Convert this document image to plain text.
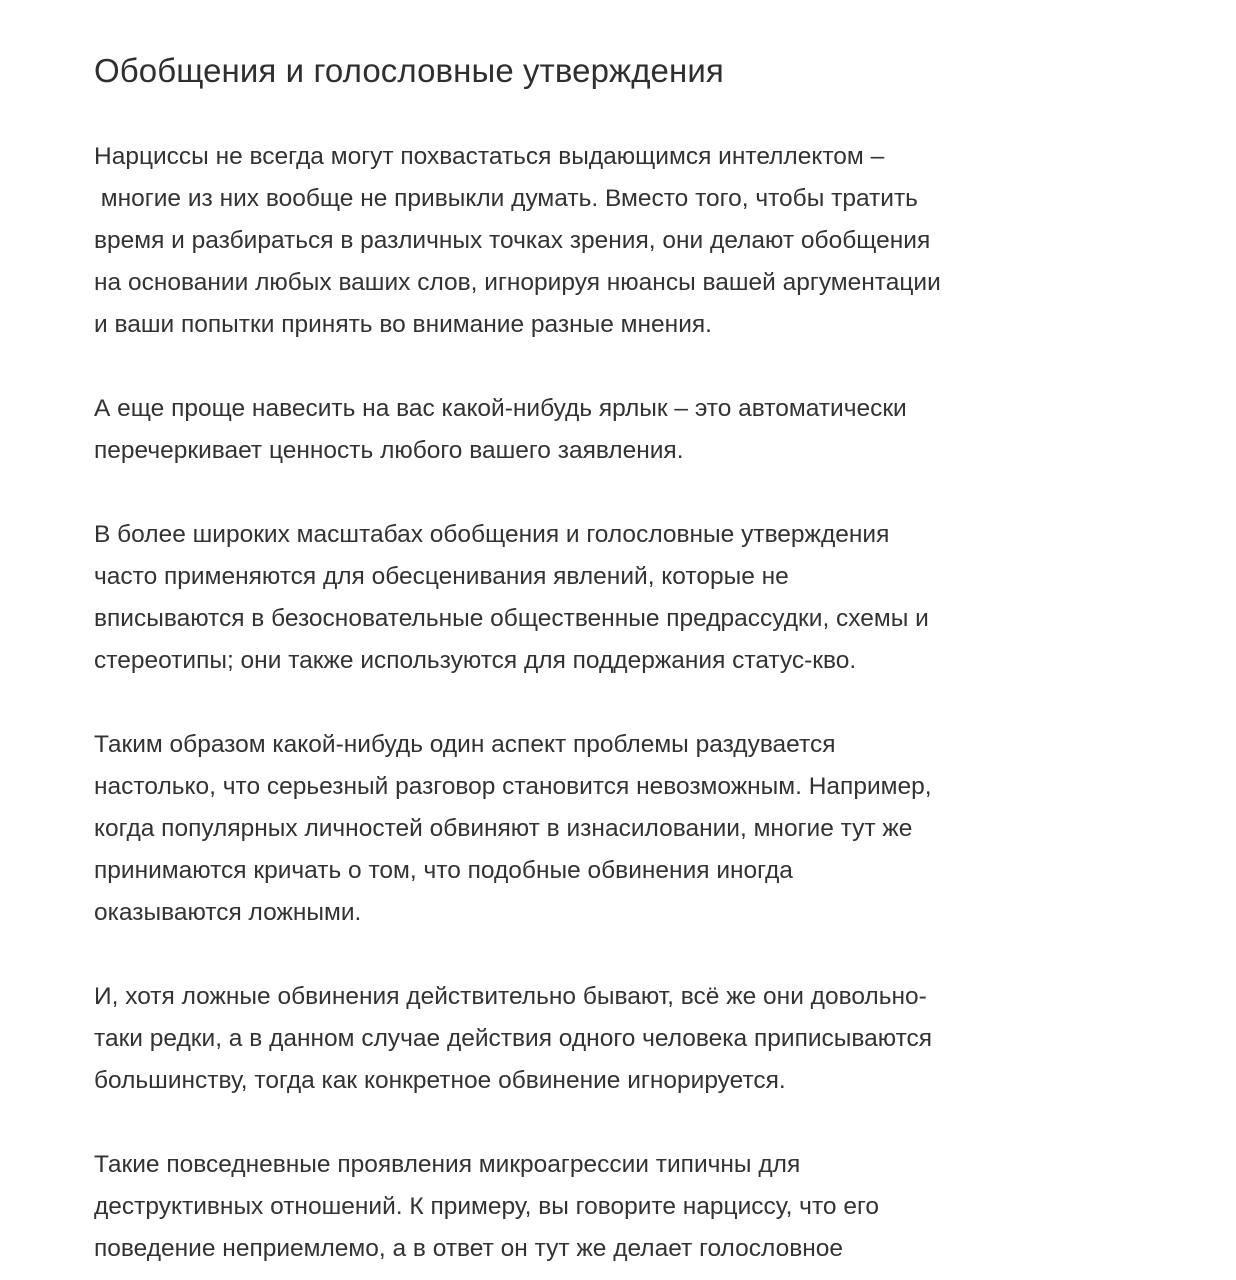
Обобщения и голословные утверждения

Нарциссы не всегда могут похвастаться выдающимся интеллектом –
многие из них вообще не привыкли думать. Вместо того, чтобы тратить
время и разбираться в различных точках зрения, они делают обобщения
на основании любых ваших слов, игнорируя нюансы вашей аргументации
и ваши попытки принять во внимание разные мнения.

А еще проще навесить на вас какой-нибудь ярлык – это автоматически
перечеркивает ценность любого вашего заявления.

В более широких масштабах обобщения и голословные утверждения
часто применяются для обесценивания явлений, которые не
вписываются в безосновательные общественные предрассудки, схемы и
стереотипы; они также используются для поддержания статус-кво.

Таким образом какой-нибудь один аспект проблемы раздувается
настолько, что серьезный разговор становится невозможным. Например,
когда популярных личностей обвиняют в изнасиловании, многие тут же
принимаются кричать о том, что подобные обвинения иногда
оказываются ложными.

И, хотя ложные обвинения действительно бывают, всё же они довольно-
таки редки, а в данном случае действия одного человека приписываются
большинству, тогда как конкретное обвинение игнорируется.

Такие повседневные проявления микроагрессии типичны для
деструктивных отношений. К примеру, вы говорите нарциссу, что его
поведение неприемлемо, а в ответ он тут же делает голословное
